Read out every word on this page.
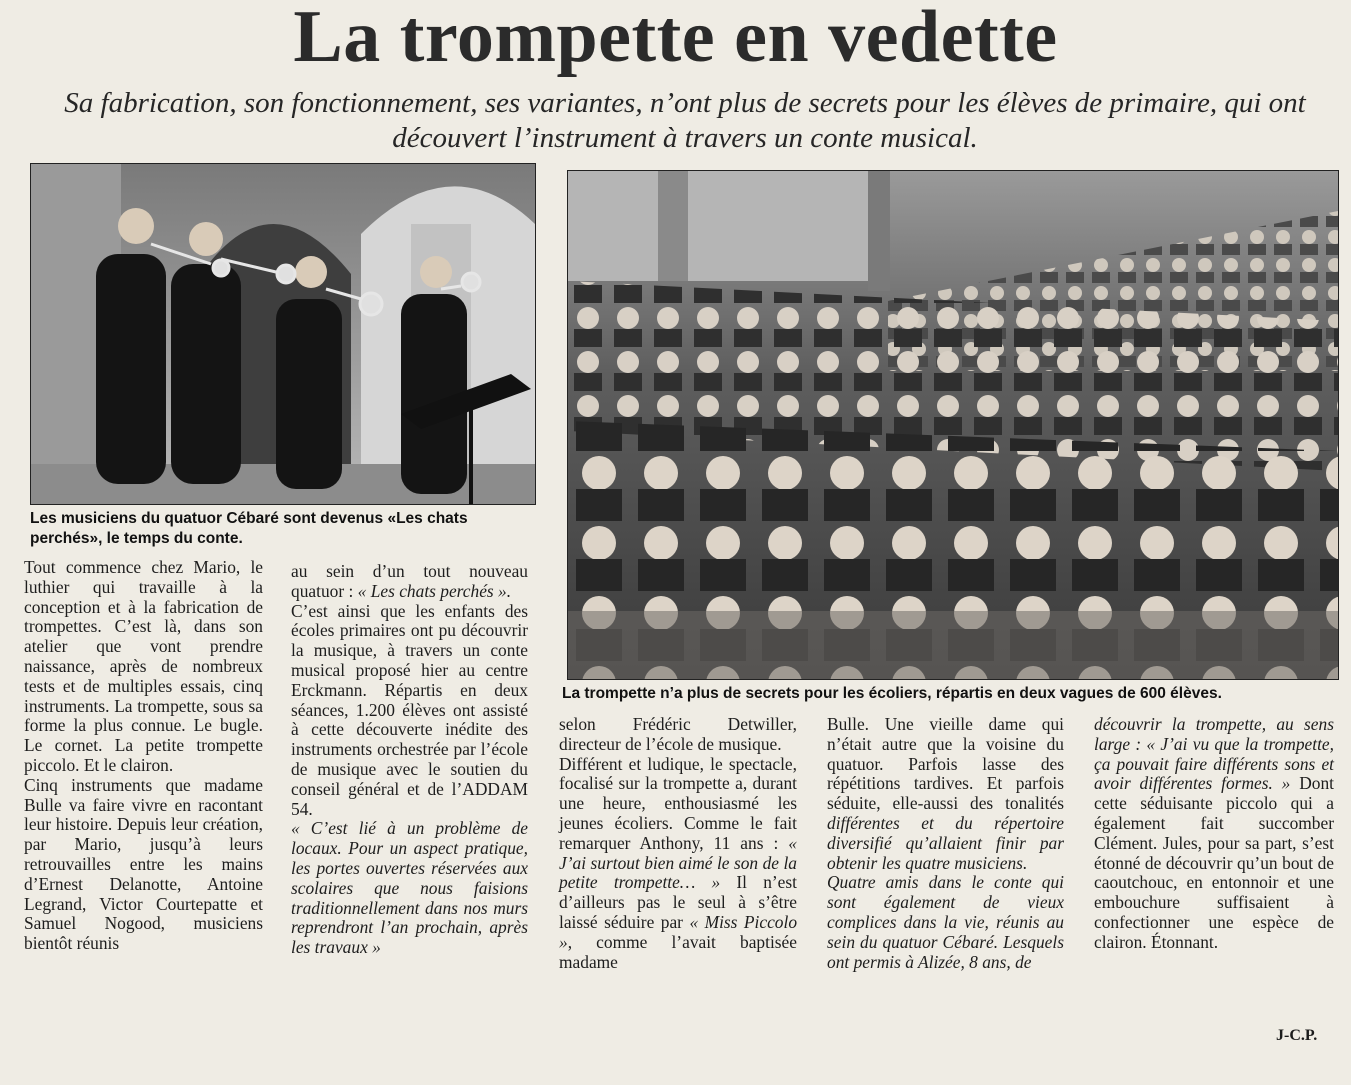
La trompette en vedette
Sa fabrication, son fonctionnement, ses variantes, n’ont plus de secrets pour les élèves de primaire, qui ont découvert l’instrument à travers un conte musical.
Les musiciens du quatuor Cébaré sont devenus «Les chats perchés», le temps du conte.
La trompette n’a plus de secrets pour les écoliers, répartis en deux vagues de 600 élèves.

Tout commence chez Mario, le luthier qui travaille à la conception et à la fabrication de trompettes. C’est là, dans son atelier que vont prendre naissance, après de nombreux tests et de multiples essais, cinq instruments. La trompette, sous sa forme la plus connue. Le bugle. Le cornet. La petite trompette piccolo. Et le clairon.

Cinq instruments que madame Bulle va faire vivre en racontant leur histoire. Depuis leur création, par Mario, jusqu’à leurs retrouvailles entre les mains d’Ernest Delanotte, Antoine Legrand, Victor Courtepatte et Samuel Nogood, musiciens bientôt réunis

au sein d’un tout nouveau quatuor : « Les chats perchés ».

C’est ainsi que les enfants des écoles primaires ont pu découvrir la musique, à travers un conte musical proposé hier au centre Erckmann. Répartis en deux séances, 1.200 élèves ont assisté à cette découverte inédite des instruments orchestrée par l’école de musique avec le soutien du conseil général et de l’ADDAM 54.

« C’est lié à un problème de locaux. Pour un aspect pratique, les portes ouvertes réservées aux scolaires que nous faisions traditionnellement dans nos murs reprendront l’an prochain, après les travaux »

selon Frédéric Detwiller, directeur de l’école de musique.

Différent et ludique, le spectacle, focalisé sur la trompette a, durant une heure, enthousiasmé les jeunes écoliers. Comme le fait remarquer Anthony, 11 ans : « J’ai surtout bien aimé le son de la petite trompette… » Il n’est d’ailleurs pas le seul à s’être laissé séduire par « Miss Piccolo », comme l’avait baptisée madame

Bulle. Une vieille dame qui n’était autre que la voisine du quatuor. Parfois lasse des répétitions tardives. Et parfois séduite, elle-aussi des tonalités différentes et du répertoire diversifié qu’allaient finir par obtenir les quatre musiciens.

Quatre amis dans le conte qui sont également de vieux complices dans la vie, réunis au sein du quatuor Cébaré. Lesquels ont permis à Alizée, 8 ans, de

découvrir la trompette, au sens large : « J’ai vu que la trompette, ça pouvait faire différents sons et avoir différentes formes. » Dont cette séduisante piccolo qui a également fait succomber Clément. Jules, pour sa part, s’est étonné de découvrir qu’un bout de caoutchouc, en entonnoir et une embouchure suffisaient à confectionner une espèce de clairon. Étonnant.

J-C.P.
